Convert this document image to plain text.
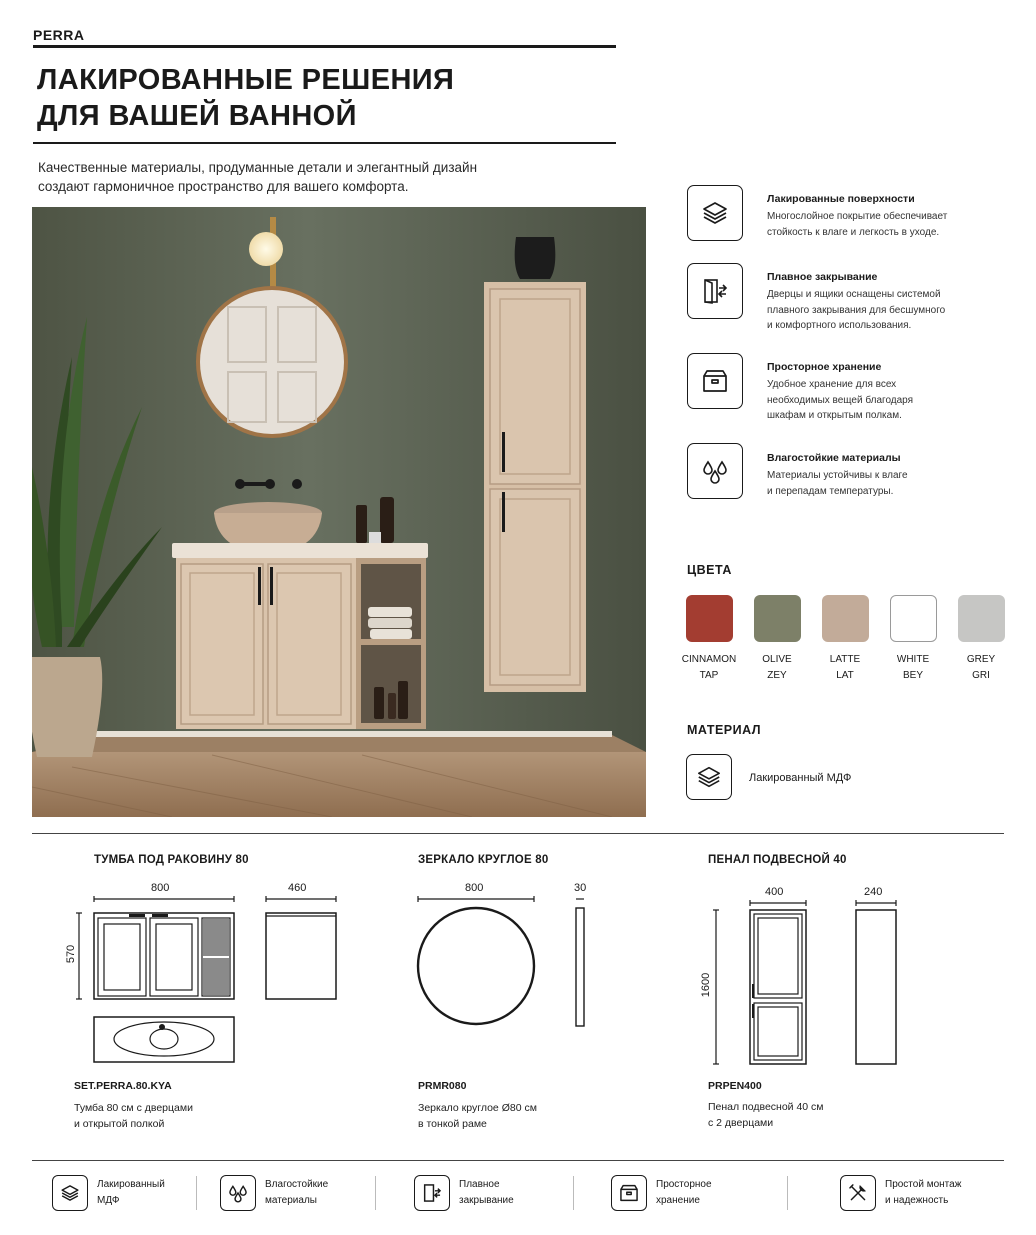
PERRA
ЛАКИРОВАННЫЕ РЕШЕНИЯ
ДЛЯ ВАШЕЙ ВАННОЙ
Качественные материалы, продуманные детали и элегантный дизайн
создают гармоничное пространство для вашего комфорта.
Лакированные поверхности
Многослойное покрытие обеспечивает
стойкость к влаге и легкость в уходе.
Плавное закрывание
Дверцы и ящики оснащены системой
плавного закрывания для бесшумного
и комфортного использования.
Просторное хранение
Удобное хранение для всех
необходимых вещей благодаря
шкафам и открытым полкам.
Влагостойкие материалы
Материалы устойчивы к влаге
и перепадам температуры.
ЦВЕТА
CINNAMON
TAP
OLIVE
ZEY
LATTE
LAT
WHITE
BEY
GREY
GRI
МАТЕРИАЛ
Лакированный МДФ
ТУМБА ПОД РАКОВИНУ 80
800	460
570
SET.PERRA.80.KYA
Тумба 80 см с дверцами
и открытой полкой
ЗЕРКАЛО КРУГЛОЕ 80
800	30
PRMR080
Зеркало круглое Ø80 см
в тонкой раме
ПЕНАЛ ПОДВЕСНОЙ 40
400	240
1600
PRPEN400
Пенал подвесной 40 см
с 2 дверцами
Лакированный
МДФ
Влагостойкие
материалы
Плавное
закрывание
Просторное
хранение
Простой монтаж
и надежность
